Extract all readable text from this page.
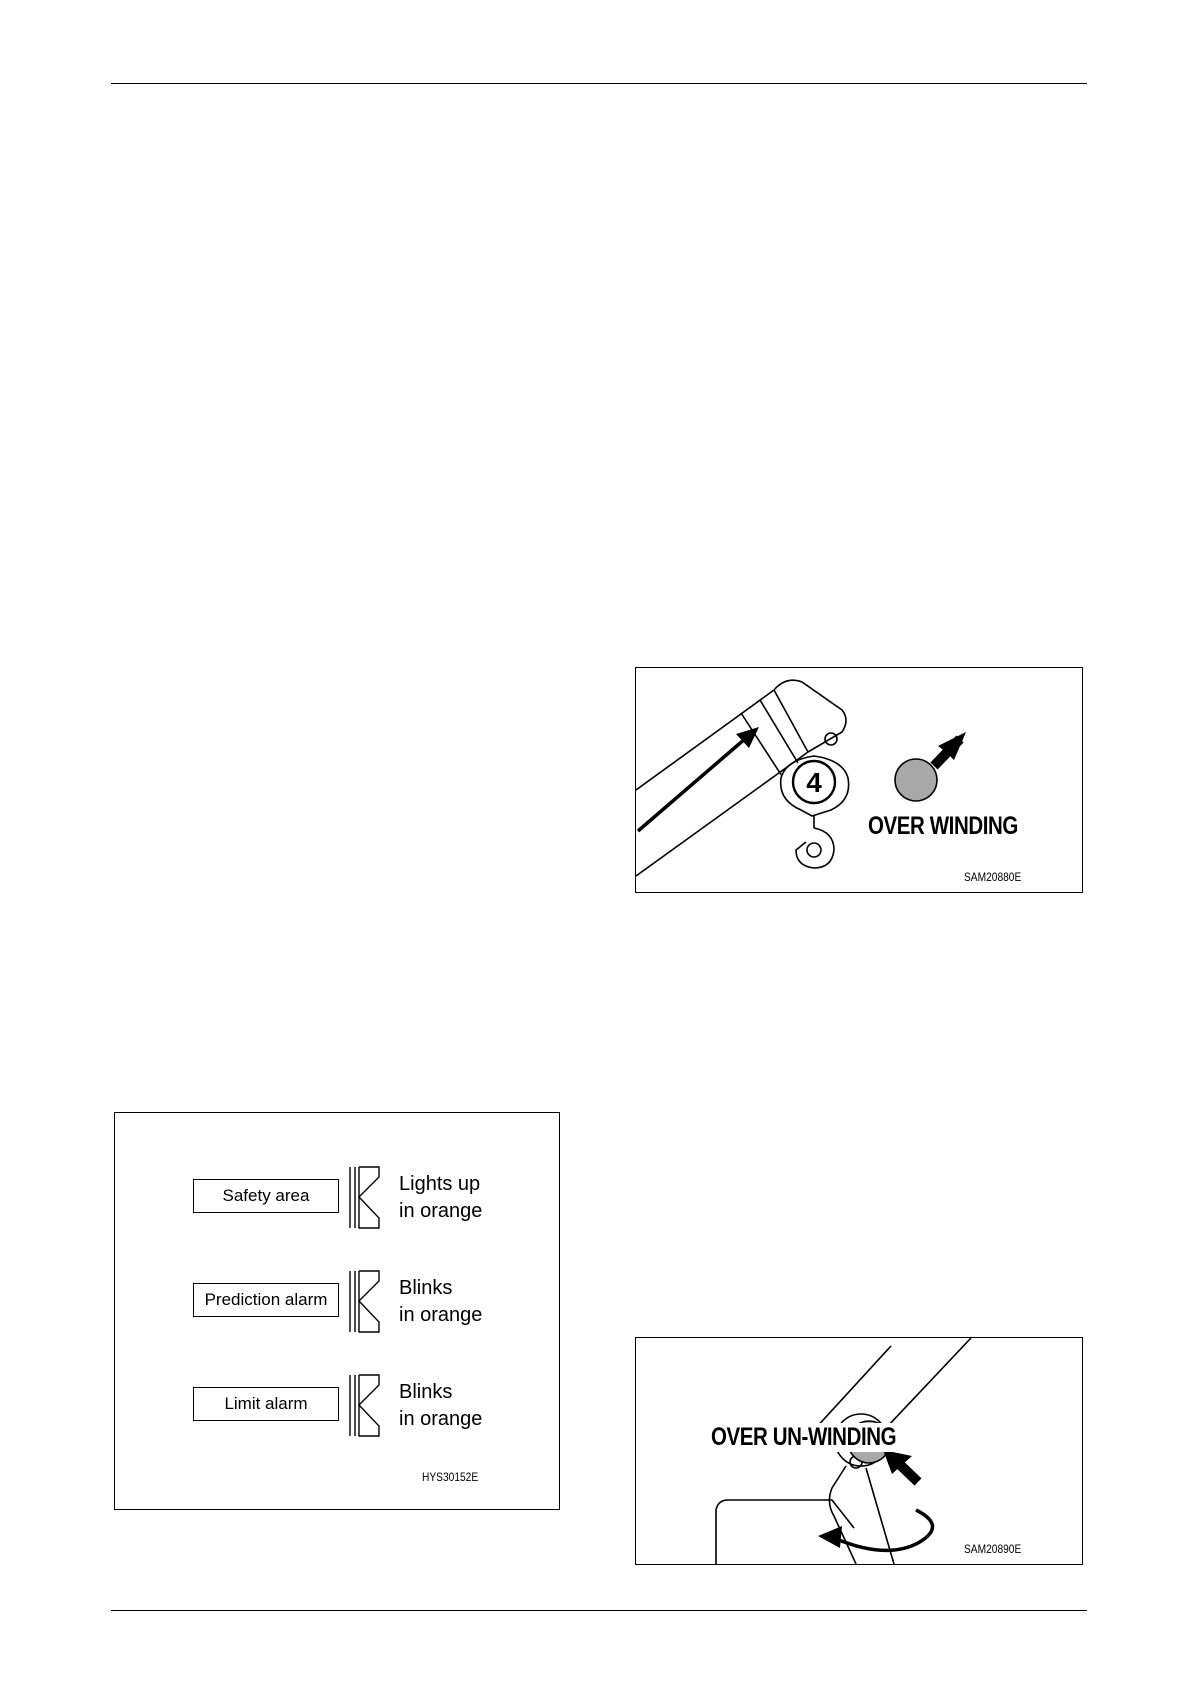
4
OVER WINDING
SAM20880E
Safety area
Prediction alarm
Limit alarm
Lights up
in orange
Blinks
in orange
Blinks
in orange
HYS30152E
OVER UN-WINDING
SAM20890E
